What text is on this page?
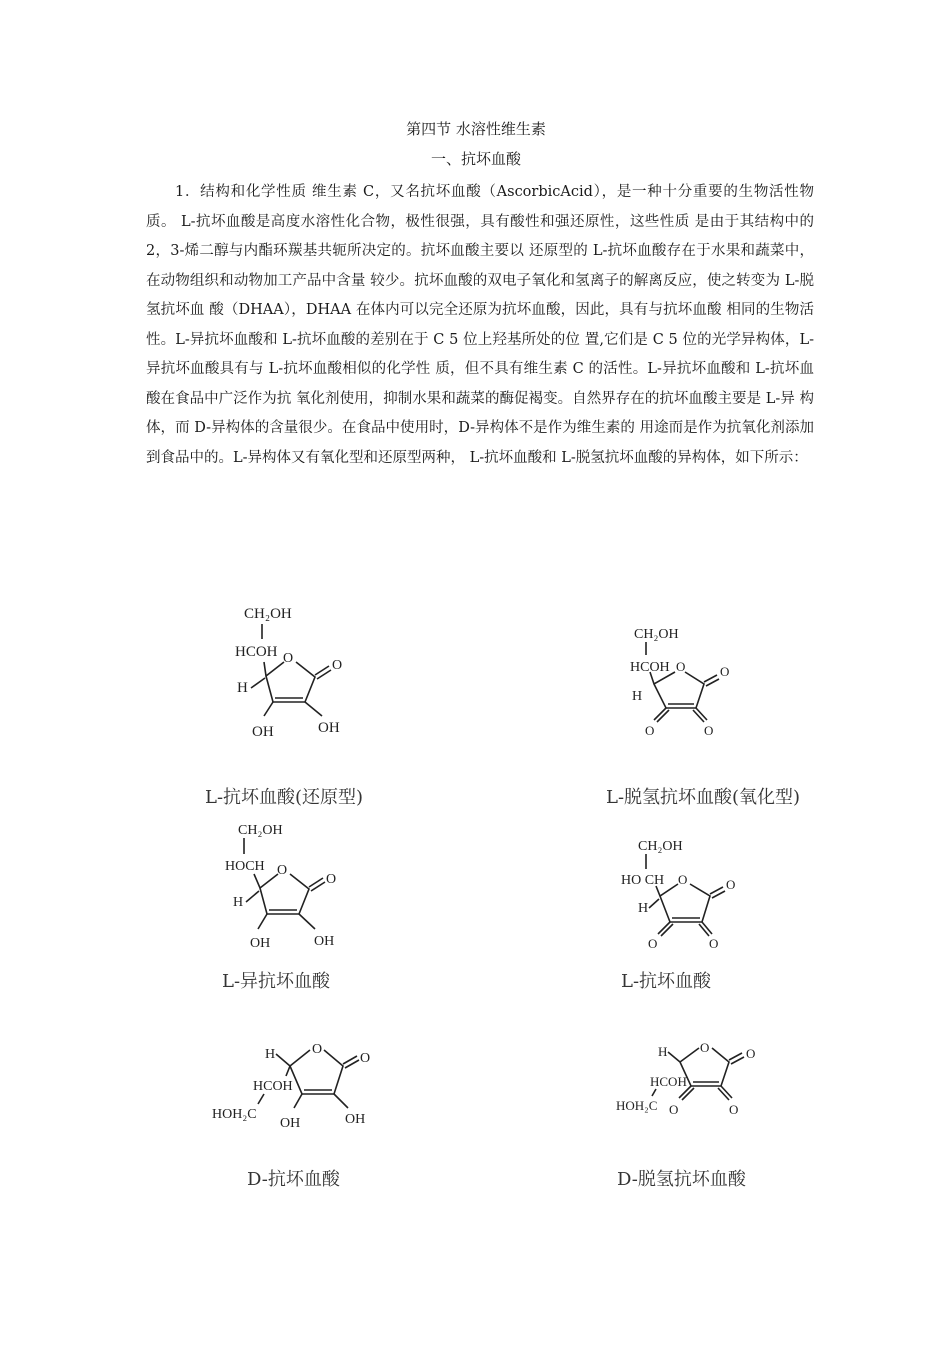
第四节 水溶性维生素
一、抗坏血酸

1．结构和化学性质 维生素 C，又名抗坏血酸（AscorbicAcid），是一种十分重要的生物活性物质。 L-抗坏血酸是高度水溶性化合物，极性很强，具有酸性和强还原性，这些性质 是由于其结构中的 2，3-烯二醇与内酯环羰基共轭所决定的。抗坏血酸主要以 还原型的 L-抗坏血酸存在于水果和蔬菜中，在动物组织和动物加工产品中含量 较少。抗坏血酸的双电子氧化和氢离子的解离反应，使之转变为 L-脱氢抗坏血 酸（DHAA），DHAA 在体内可以完全还原为抗坏血酸，因此，具有与抗坏血酸 相同的生物活性。L-异抗坏血酸和 L-抗坏血酸的差别在于 C 5 位上羟基所处的位 置,它们是 C 5 位的光学异构体，L-异抗坏血酸具有与 L-抗坏血酸相似的化学性 质，但不具有维生素 C 的活性。L-异抗坏血酸和 L-抗坏血酸在食品中广泛作为抗 氧化剂使用，抑制水果和蔬菜的酶促褐变。自然界存在的抗坏血酸主要是 L-异 构体，而 D-异构体的含量很少。在食品中使用时，D-异构体不是作为维生素的 用途而是作为抗氧化剂添加到食品中的。L-异构体又有氧化型和还原型两种， L-抗坏血酸和 L-脱氢抗坏血酸的异构体，如下所示：

CH₂OH
HCOH O	O
H
OH	OH
CH₂OH
HCOH O	O
H
O	O
L-抗坏血酸(还原型)	L-脱氢抗坏血酸(氧化型)
CH₂OH
HOCH O
O
H
OH	OH
CH₂OH
HO CH O	O
H
O	O
L-异抗坏血酸	L-抗坏血酸
H	O
O
HCOH
HOH₂C
OH	OH
H	O	O
HCOH
HOH₂C O	O
D-抗坏血酸	D-脱氢抗坏血酸
